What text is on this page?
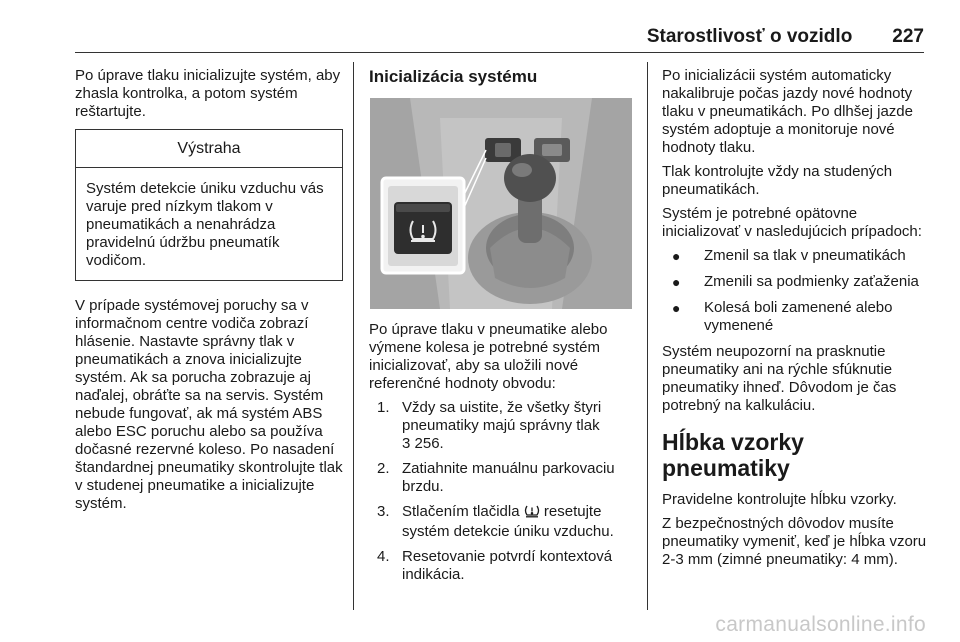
Starostlivosť o vozidlo 227

Po úprave tlaku inicializujte systém, aby zhasla kontrolka, a potom systém reštartujte.

Výstraha
Systém detekcie úniku vzduchu vás varuje pred nízkym tlakom v pneumatikách a nenahrádza pravidelnú údržbu pneumatík vodičom.

V prípade systémovej poruchy sa v informačnom centre vodiča zobrazí hlásenie. Nastavte správny tlak v pneumatikách a znova inicializujte systém. Ak sa porucha zobrazuje aj naďalej, obráťte sa na servis. Systém nebude fungovať, ak má systém ABS alebo ESC poruchu alebo sa používa dočasné rezervné koleso. Po nasadení štandardnej pneumatiky skontrolujte tlak v studenej pneumatike a inicializujte systém.

Inicializácia systému

Po úprave tlaku v pneumatike alebo výmene kolesa je potrebné systém inicializovať, aby sa uložili nové referenčné hodnoty obvodu:

1. Vždy sa uistite, že všetky štyri pneumatiky majú správny tlak
3 256.
2. Zatiahnite manuálnu parkovaciu brzdu.
3. Stlačením tlačidla resetujte systém detekcie úniku vzduchu.
4. Resetovanie potvrdí kontextová indikácia.

Po inicializácii systém automaticky nakalibruje počas jazdy nové hodnoty tlaku v pneumatikách. Po dlhšej jazde systém adoptuje a monitoruje nové hodnoty tlaku.

Tlak kontrolujte vždy na studených pneumatikách.

Systém je potrebné opätovne inicializovať v nasledujúcich prípadoch:

●	Zmenil sa tlak v pneumatikách
●	Zmenili sa podmienky zaťaženia
●	Kolesá boli zamenené alebo vymenené

Systém neupozorní na prasknutie pneumatiky ani na rýchle sfúknutie pneumatiky ihneď. Dôvodom je čas potrebný na kalkuláciu.

Hĺbka vzorky pneumatiky

Pravidelne kontrolujte hĺbku vzorky.

Z bezpečnostných dôvodov musíte pneumatiky vymeniť, keď je hĺbka vzoru 2-3 mm (zimné pneumatiky: 4 mm).

carmanualsonline.info
